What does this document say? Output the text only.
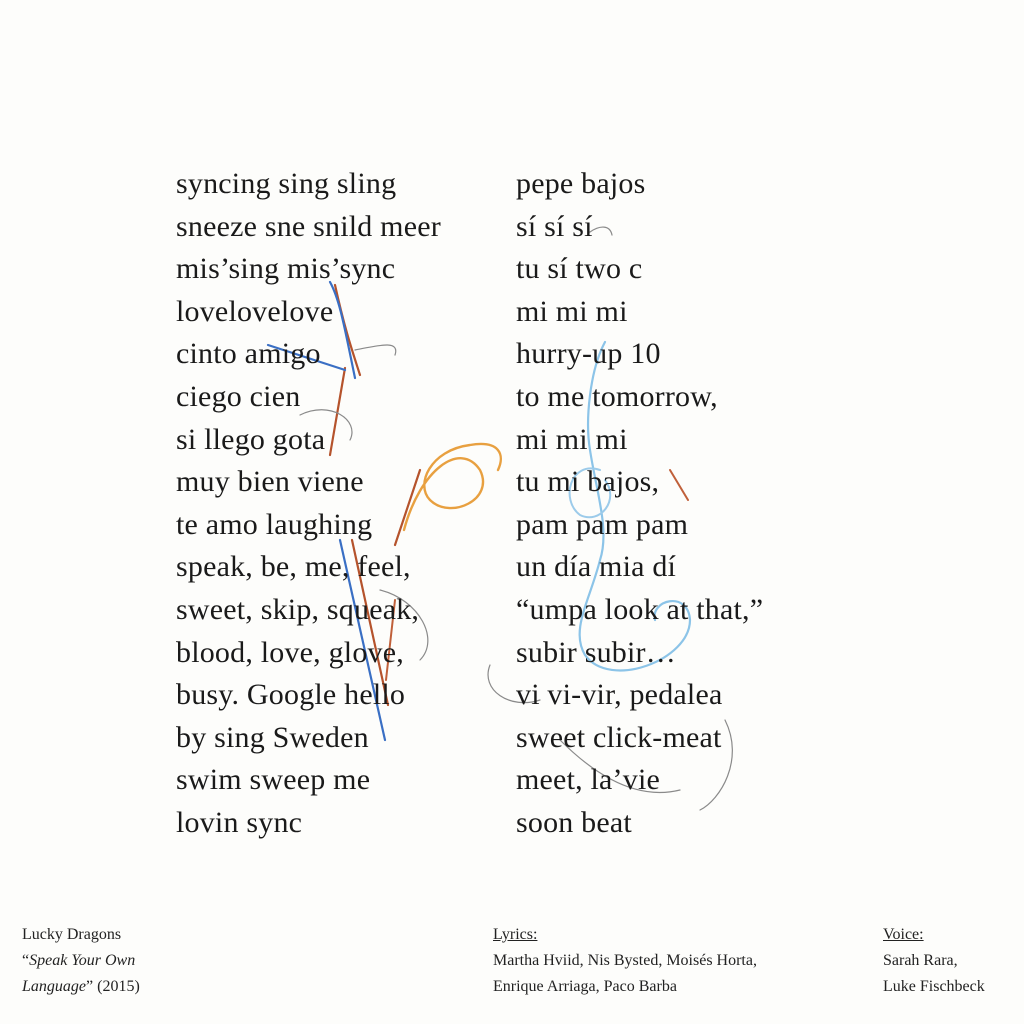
syncing sing sling
sneeze sne snild meer
mis’sing mis’sync
lovelovelove
cinto amigo
ciego cien
si llego gota
muy bien viene
te amo laughing
speak, be, me, feel,
sweet, skip, squeak,
blood, love, glove,
busy. Google hello
by sing Sweden
swim sweep me
lovin sync
pepe bajos
sí sí sí
tu sí two c
mi mi mi
hurry-up 10
to me tomorrow,
mi mi mi
tu mi bajos,
pam pam pam
un día mia dí
“umpa look at that,”
subir subir…
vi vi-vir, pedalea
sweet click-meat
meet, la’vie
soon beat
Lucky Dragons
“Speak Your Own
Language” (2015)
Lyrics:
Martha Hviid, Nis Bysted, Moisés Horta,
Enrique Arriaga, Paco Barba
Voice:
Sarah Rara,
Luke Fischbeck
